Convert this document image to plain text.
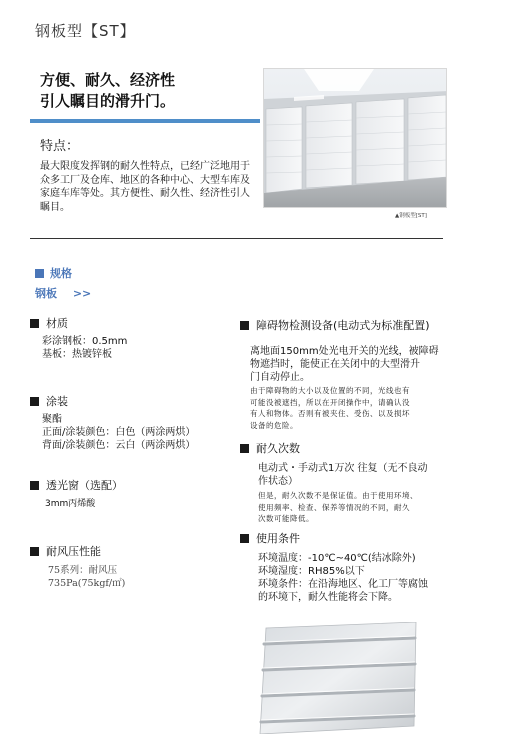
钢板型【ST】
方便、耐久、经济性
引人瞩目的滑升门。
▲钢板型[ST]
特点：
最大限度发挥钢的耐久性特点，已经广泛地用于众多工厂及仓库、地区的各种中心、大型车库及家庭车库等处。其方便性、耐久性、经济性引人瞩目。
规格
钢板 >>
材质
彩涂钢板：0.5mm
基板：热镀锌板
涂装
聚酯
正面/涂装颜色：白色（两涂两烘）
背面/涂装颜色：云白（两涂两烘）
透光窗（选配）
3mm丙烯酸
耐风压性能
75系列：耐风压
735Pa(75kgf/㎡)
障碍物检测设备(电动式为标准配置)
离地面150mm处光电开关的光线，被障碍
物遮挡时，能使正在关闭中的大型滑升
门自动停止。
由于障碍物的大小以及位置的不同，光线也有
可能没被遮挡，所以在开闭操作中，请确认没
有人和物体。否则有被夹住、受伤、以及损坏
设备的危险。
耐久次数
电动式・手动式1万次 往复（无不良动
作状态）
但是，耐久次数不是保证值。由于使用环境、
使用频率、检查、保养等情况的不同，耐久
次数可能降低。
使用条件
环境温度：-10℃~40℃(结冰除外)
环境湿度：RH85%以下
环境条件：在沿海地区、化工厂等腐蚀
的环境下，耐久性能将会下降。
